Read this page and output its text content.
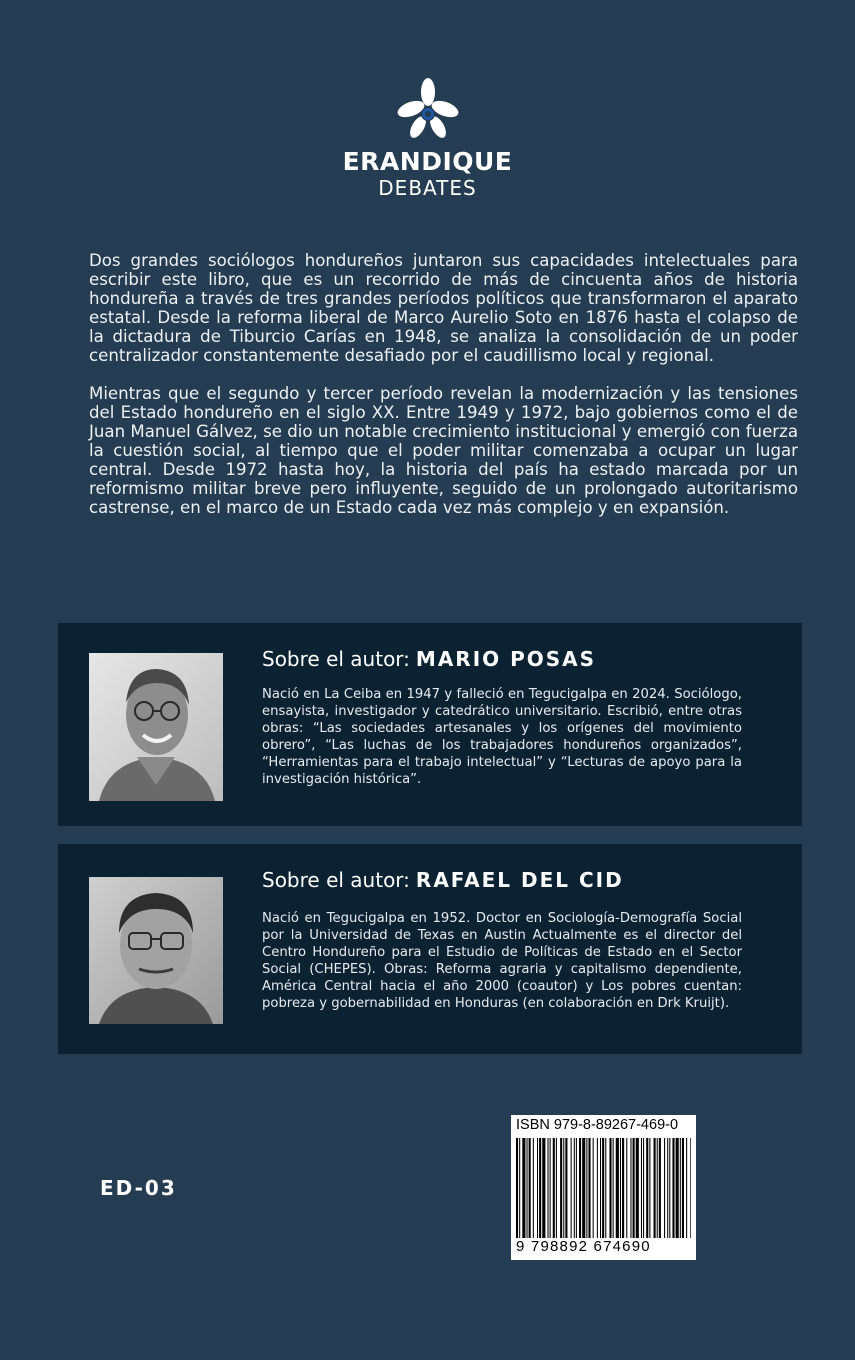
ERANDIQUE
DEBATES

Dos grandes sociólogos hondureños juntaron sus capacidades intelectuales para escribir este libro, que es un recorrido de más de cincuenta años de historia hondureña a través de tres grandes períodos políticos que transformaron el aparato estatal. Desde la reforma liberal de Marco Aurelio Soto en 1876 hasta el colapso de la dictadura de Tiburcio Carías en 1948, se analiza la consolidación de un poder centralizador constantemente desafiado por el caudillismo local y regional.

Mientras que el segundo y tercer período revelan la modernización y las tensiones del Estado hondureño en el siglo XX. Entre 1949 y 1972, bajo gobiernos como el de Juan Manuel Gálvez, se dio un notable crecimiento institucional y emergió con fuerza la cuestión social, al tiempo que el poder militar comenzaba a ocupar un lugar central. Desde 1972 hasta hoy, la historia del país ha estado marcada por un reformismo militar breve pero influyente, seguido de un prolongado autoritarismo castrense, en el marco de un Estado cada vez más complejo y en expansión.

Sobre el autor: MARIO POSAS
Nació en La Ceiba en 1947 y falleció en Tegucigalpa en 2024. Sociólogo, ensayista, investigador y catedrático universitario. Escribió, entre otras obras: “Las sociedades artesanales y los orígenes del movimiento obrero”, “Las luchas de los trabajadores hondureños organizados”, “Herramientas para el trabajo intelectual” y “Lecturas de apoyo para la investigación histórica”.
Sobre el autor: RAFAEL DEL CID
Nació en Tegucigalpa en 1952. Doctor en Sociología-Demografía Social por la Universidad de Texas en Austin Actualmente es el director del Centro Hondureño para el Estudio de Políticas de Estado en el Sector Social (CHEPES). Obras: Reforma agraria y capitalismo dependiente, América Central hacia el año 2000 (coautor) y Los pobres cuentan: pobreza y gobernabilidad en Honduras (en colaboración en Drk Kruijt).
ED-03
ISBN 979-8-89267-469-0
9 798892 674690
